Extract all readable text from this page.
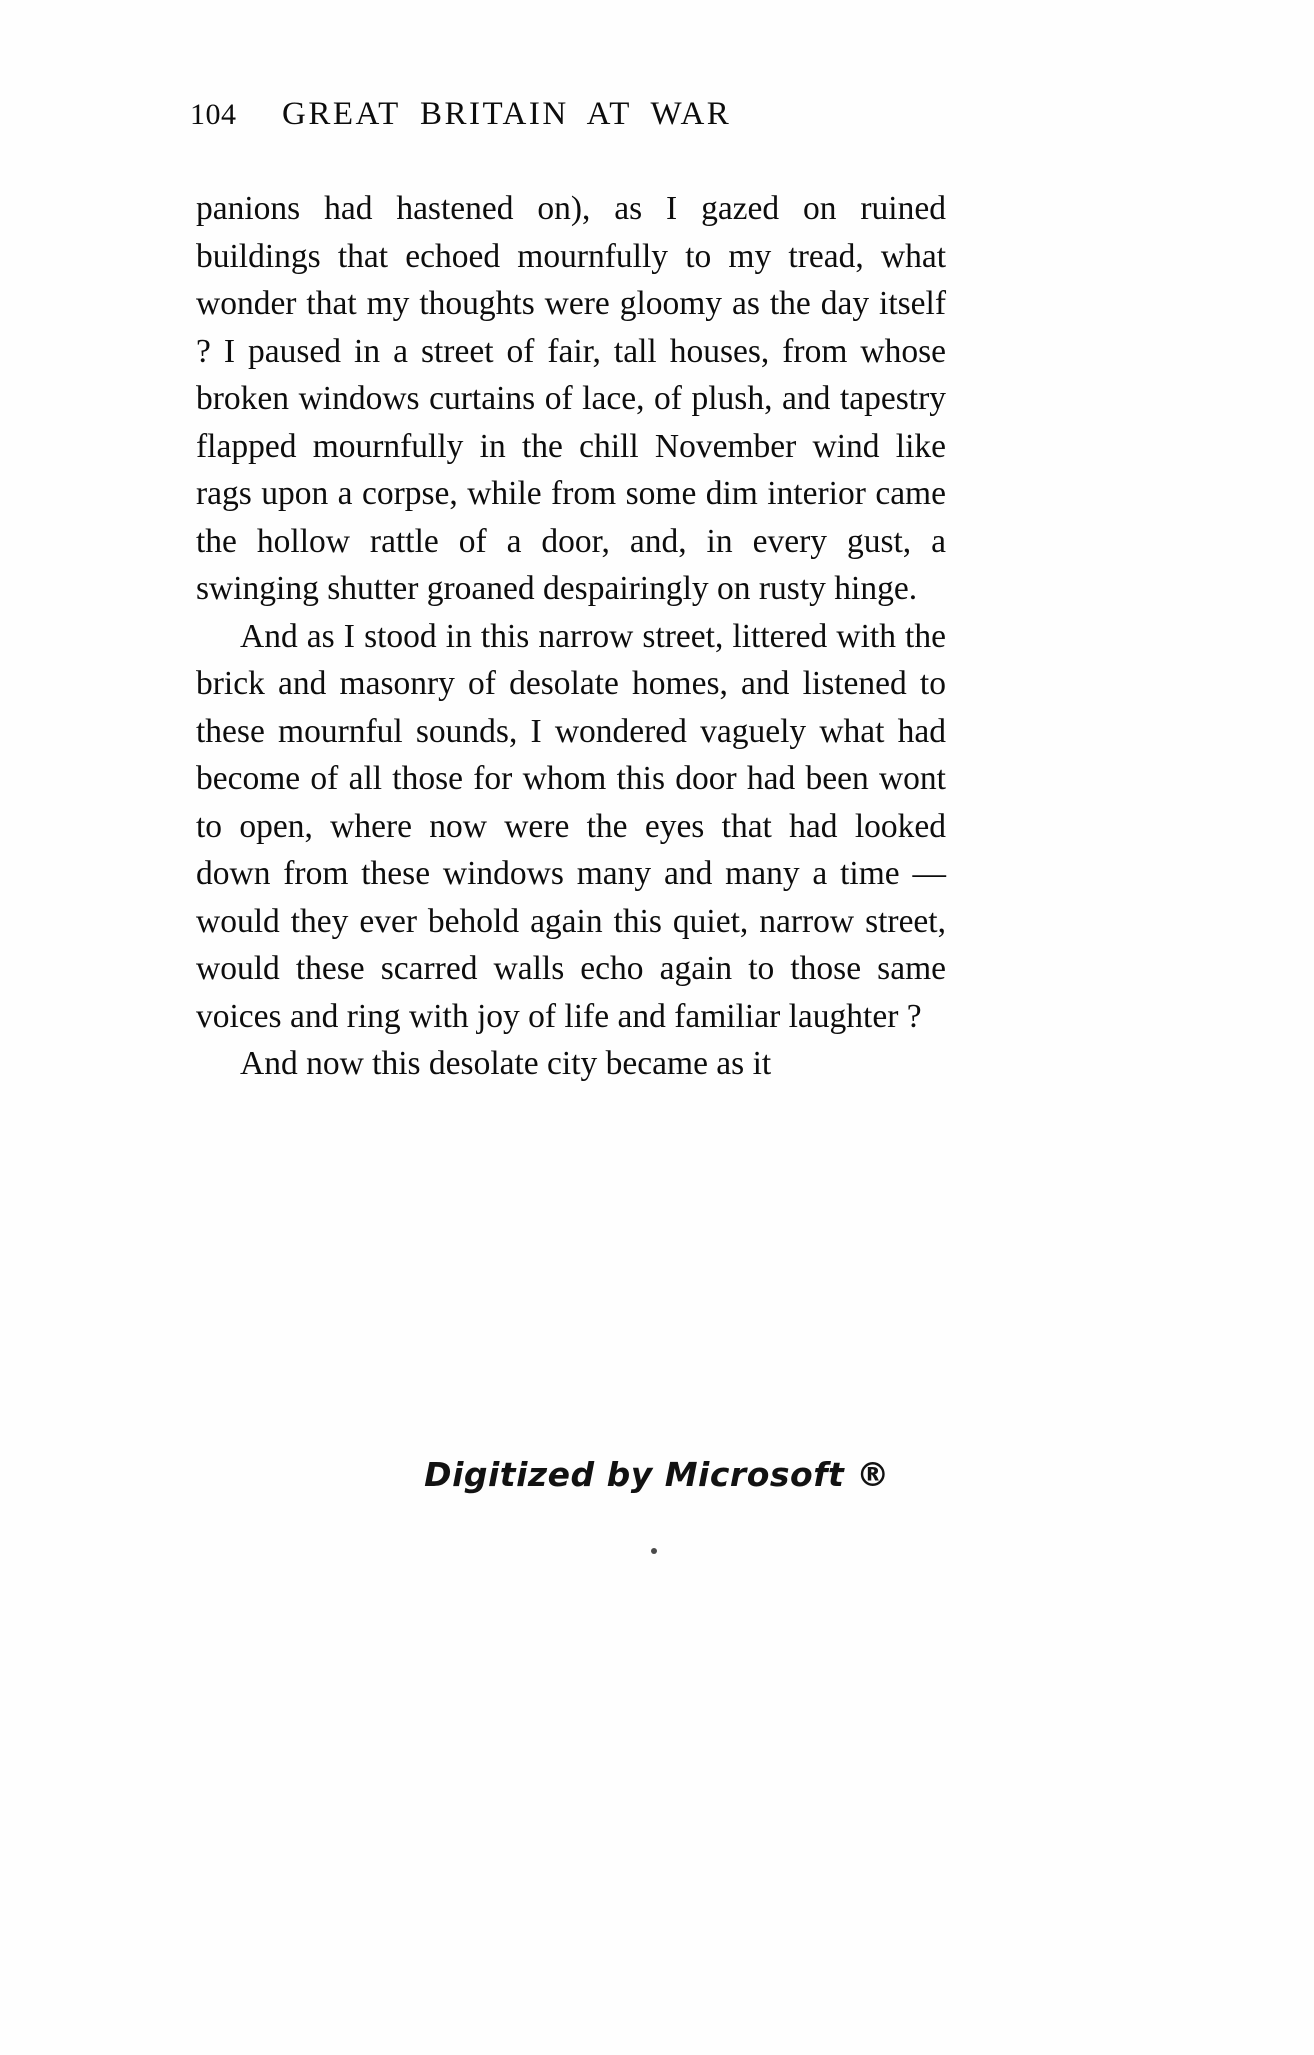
104	GREAT BRITAIN AT WAR

panions had hastened on), as I gazed on ruined buildings that echoed mournfully to my tread, what wonder that my thoughts were gloomy as the day itself ? I paused in a street of fair, tall houses, from whose broken windows curtains of lace, of plush, and tapestry flapped mournfully in the chill November wind like rags upon a corpse, while from some dim interior came the hollow rattle of a door, and, in every gust, a swinging shutter groaned despairingly on rusty hinge.

And as I stood in this narrow street, littered with the brick and masonry of desolate homes, and listened to these mournful sounds, I wondered vaguely what had become of all those for whom this door had been wont to open, where now were the eyes that had looked down from these windows many and many a time — would they ever behold again this quiet, narrow street, would these scarred walls echo again to those same voices and ring with joy of life and familiar laughter ?

And now this desolate city became as it

Digitized by Microsoft ®
